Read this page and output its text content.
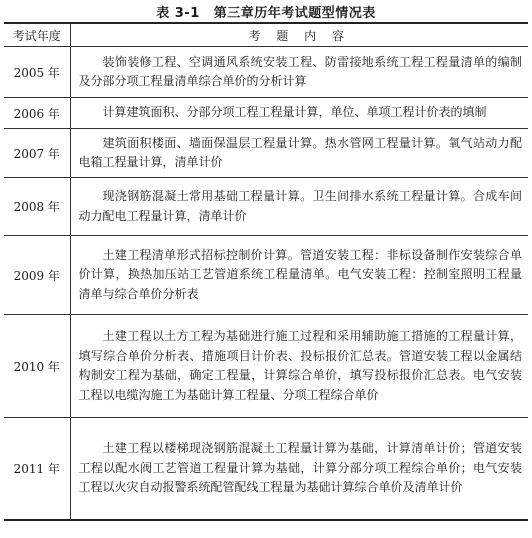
表 3-1 第三章历年考试题型情况表
考试年度	考 题 内 容
2005 年	装饰装修工程、空调通风系统安装工程、防雷接地系统工程工程量清单的编制及分部分项工程量清单综合单价的分析计算
2006 年	计算建筑面积、分部分项工程工程量计算，单位、单项工程计价表的填制
2007 年	建筑面积楼面、墙面保温层工程量计算。热水管网工程量计算。氧气站动力配电箱工程量计算，清单计价
2008 年	现浇钢筋混凝土常用基础工程量计算。卫生间排水系统工程量计算。合成车间动力配电工程量计算，清单计价
2009 年	土建工程清单形式招标控制价计算。管道安装工程：非标设备制作安装综合单价计算，换热加压站工艺管道系统工程量清单。电气安装工程：控制室照明工程量清单与综合单价分析表
2010 年	土建工程以土方工程为基础进行施工过程和采用辅助施工措施的工程量计算，填写综合单价分析表、措施项目计价表、投标报价汇总表。管道安装工程以金属结构制安工程为基础，确定工程量，计算综合单价，填写投标报价汇总表。电气安装工程以电缆沟施工为基础计算工程量、分项工程综合单价
2011 年	土建工程以楼梯现浇钢筋混凝土工程量计算为基础，计算清单计价；管道安装工程以配水阀工艺管道工程量计算为基础，计算分部分项工程综合单价；电气安装工程以火灾自动报警系统配管配线工程量为基础计算综合单价及清单计价
